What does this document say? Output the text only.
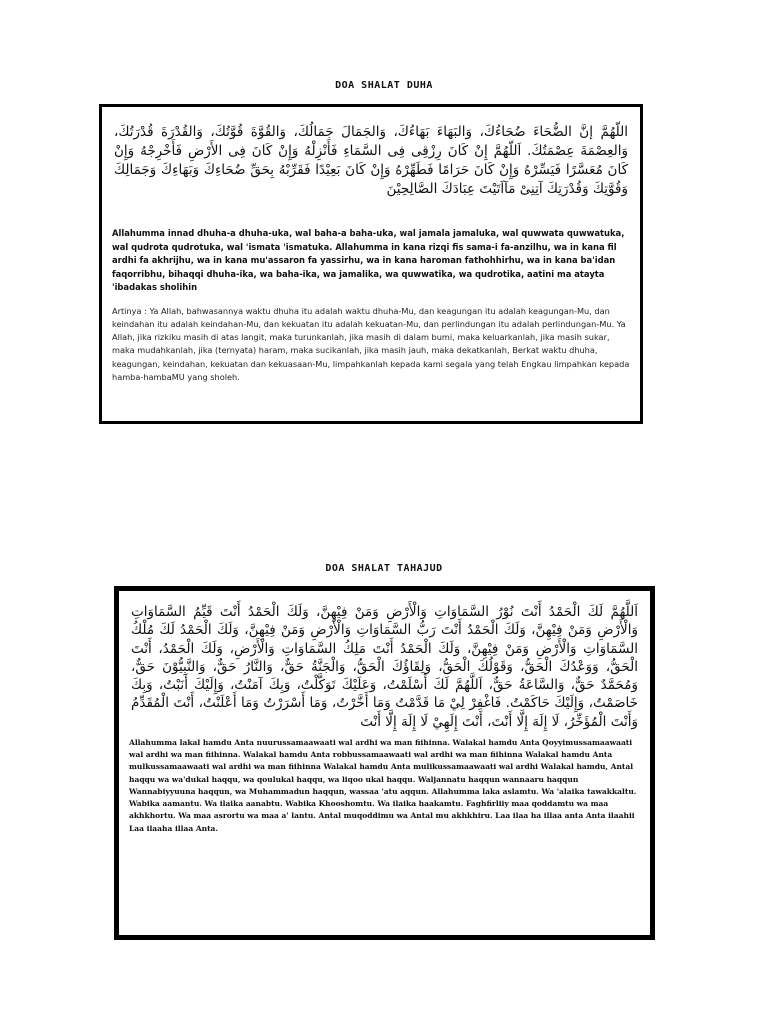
DOA SHALAT DUHA
اللّهُمَّ إنَّ الضُّحَاءَ ضُحَاءُكَ، وَالبَهَاءَ بَهَاءُكَ، وَالجَمَالَ جَمَالُكَ، وَالقُوَّةَ قُوَّتُكَ، وَالقُدْرَةَ قُدْرَتُكَ، وَالعِصْمَةَ عِصْمَتُكَ. اَللّهُمَّ إِنْ كَانَ رِزْقِى فِى السَّمَاءِ فَأَنْزِلْهُ وَإِنْ كَانَ فِى الأَرْضِ فَأَخْرِجْهُ وَإِنْ كَانَ مُعَسَّرًا فَيَسِّرْهُ وَإِنْ كَانَ حَرَامًا فَطَهِّرْهُ وَإِنْ كَانَ بَعِيْدًا فَقَرِّبْهُ بِحَقِّ ضُحَاءِكَ وَبَهَاءِكَ وَجَمَالِكَ وَقُوَّتِكَ وَقُدْرَتِكَ آتِنِىْ مَآاَتَيْتَ عِبَادَكَ الصَّالِحِيْنَ
Allahumma innad dhuha-a dhuha-uka, wal baha-a baha-uka, wal jamala jamaluka, wal quwwata quwwatuka, wal qudrota qudrotuka, wal 'ismata 'ismatuka. Allahumma in kana rizqi fis sama-i fa-anzilhu, wa in kana fil ardhi fa akhrijhu, wa in kana mu'assaron fa yassirhu, wa in kana haroman fathohhirhu, wa in kana ba'idan faqorribhu, bihaqqi dhuha-ika, wa baha-ika, wa jamalika, wa quwwatika, wa qudrotika, aatini ma atayta 'ibadakas sholihin
Artinya : Ya Allah, bahwasannya waktu dhuha itu adalah waktu dhuha-Mu, dan keagungan itu adalah keagungan-Mu, dan keindahan itu adalah keindahan-Mu, dan kekuatan itu adalah kekuatan-Mu, dan perlindungan itu adalah perlindungan-Mu. Ya Allah, jika rizkiku masih di atas langit, maka turunkanlah, jika masih di dalam bumi, maka keluarkanlah, jika masih sukar, maka mudahkanlah, jika (ternyata) haram, maka sucikanlah, jika masih jauh, maka dekatkanlah, Berkat waktu dhuha, keagungan, keindahan, kekuatan dan kekuasaan-Mu, limpahkanlah kepada kami segala yang telah Engkau limpahkan kepada hamba-hambaMU yang sholeh.
DOA SHALAT TAHAJUD
اَللَّهُمَّ لَكَ الْحَمْدُ أَنْتَ نُوْرُ السَّمَاوَاتِ وَالْأَرْضِ وَمَنْ فِيْهِنَّ، وَلَكَ الْحَمْدُ أَنْتَ قَيِّمُ السَّمَاوَاتِ وَالْأَرْضِ وَمَنْ فِيْهِنَّ، وَلَكَ الْحَمْدُ أَنْتَ رَبُّ السَّمَاوَاتِ وَالْأَرْضِ وَمَنْ فِيْهِنَّ، وَلَكَ الْحَمْدُ لَكَ مُلْكُ السَّمَاوَاتِ وَالْأَرْضِ وَمَنْ فِيْهِنَّ، وَلَكَ الْحَمْدُ أَنْتَ مَلِكُ السَّمَاوَاتِ وَالْأَرْضِ، وَلَكَ الْحَمْدُ، أَنْتَ الْحَقُّ، وَوَعْدُكَ الْحَقُّ، وَقَوْلُكَ الْحَقُّ، وَلِقَاؤُكَ الْحَقُّ، وَالْجَنَّةُ حَقٌّ، وَالنَّارُ حَقٌّ، وَالنَّبِيُّوْنَ حَقٌّ، وَمُحَمَّدٌ حَقٌّ، وَالسَّاعَةُ حَقٌّ، اَللَّهُمَّ لَكَ أَسْلَمْتُ، وَعَلَيْكَ تَوَكَّلْتُ، وَبِكَ آمَنْتُ، وَإِلَيْكَ أَنَبْتُ، وَبِكَ خَاصَمْتُ، وَإِلَيْكَ حَاكَمْتُ. فَاغْفِرْ لِيْ مَا قَدَّمْتُ وَمَا أَخَّرْتُ، وَمَا أَسْرَرْتُ وَمَا أَعْلَنْتُ، أَنْتَ الْمُقَدِّمُ وَأَنْتَ الْمُؤَخِّرُ، لَا إِلَهَ إِلَّا أَنْتَ، أَنْتَ إِلَهِيْ لَا إِلَهَ إِلَّا أَنْتَ
Allahumma lakal hamdu Anta nuurussamaawaati wal ardhi wa man fiihinna. Walakal hamdu Anta Qoyyimussamaawaati wal ardhi wa man fiihinna. Walakal hamdu Anta robbussamaawaati wal ardhi wa man fiihinna Walakal hamdu Anta mulkussamaawaati wal ardhi wa man fiihinna Walakal hamdu Anta mulikussamaawaati wal ardhi Walakal hamdu, Antal haqqu wa wa'dukal haqqu, wa qoulukal haqqu, wa liqoo ukal haqqu. Waljannatu haqqun wannaaru haqqun Wannabiyyuuna haqqun, wa Muhammadun haqqun, wassaa 'atu aqqun. Allahumma laka aslamtu. Wa 'alaika tawakkaltu. Wabika aamantu. Wa ilaika aanabtu. Wabika Khooshomtu. Wa ilaika haakamtu. Faghfirliiy maa qoddamtu wa maa akhkhortu. Wa maa asrortu wa maa a' lantu. Antal muqoddimu wa Antal mu akhkhiru. Laa ilaa ha illaa anta Anta ilaahii Laa ilaaha illaa Anta.
